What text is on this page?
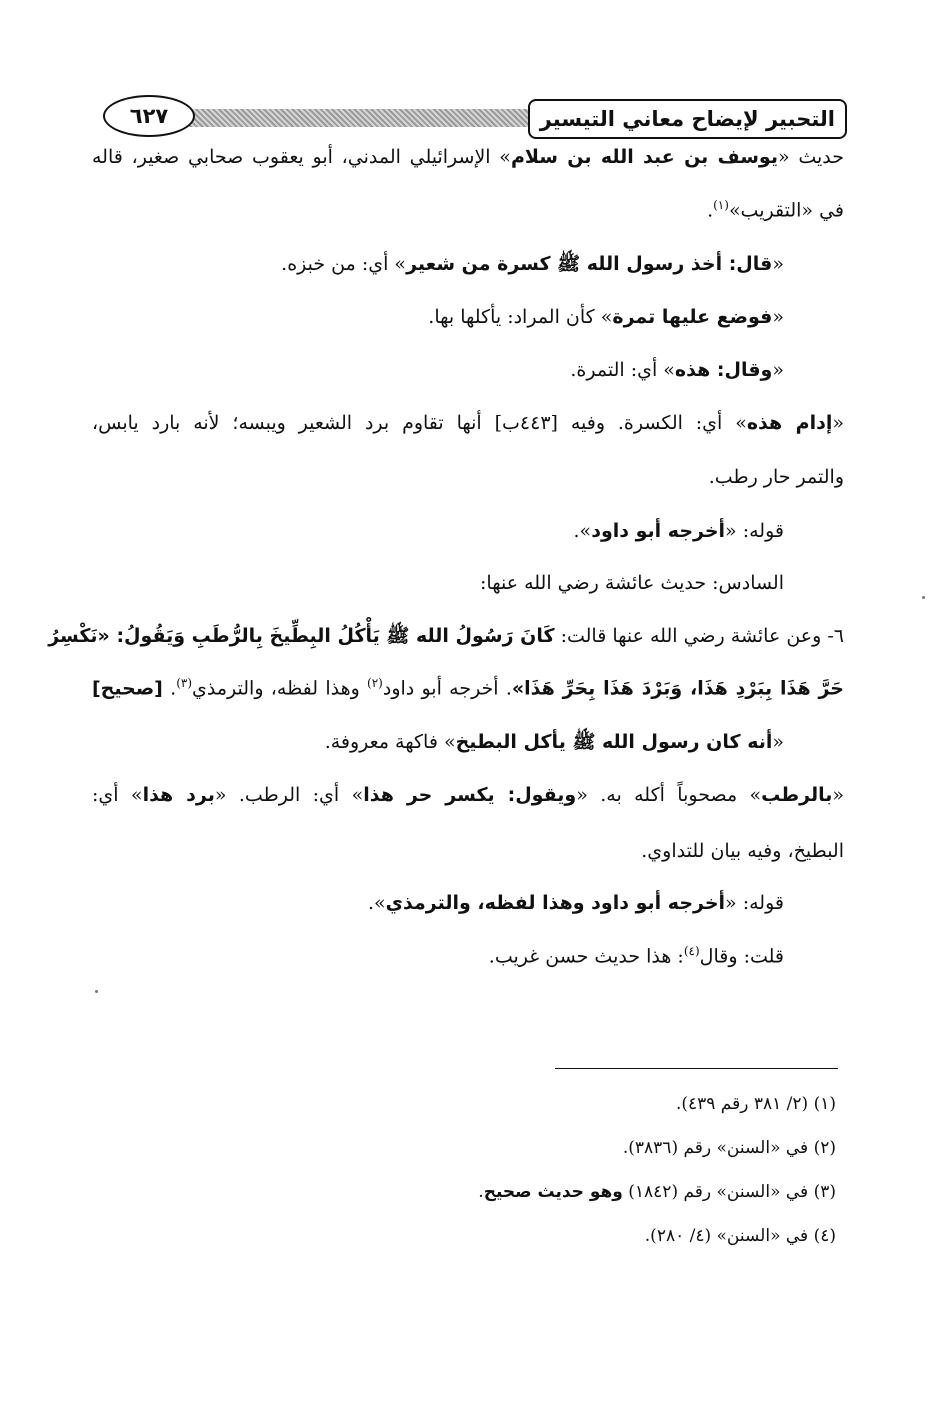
٦٢٧	التحبير لإيضاح معاني التيسير
حديث «يوسف بن عبد الله بن سلام» الإسرائيلي المدني، أبو يعقوب صحابي صغير، قاله
في «التقريب»$^{(١)}$.
«قال: أخذ رسول الله ﷺ كسرة من شعير» أي: من خبزه.
«فوضع عليها تمرة» كأن المراد: يأكلها بها.
«وقال: هذه» أي: التمرة.
«إدام هذه» أي: الكسرة. وفيه [٤٤٣ب] أنها تقاوم برد الشعير ويبسه؛ لأنه بارد يابس،
والتمر حار رطب.
قوله: «أخرجه أبو داود».
السادس: حديث عائشة رضي الله عنها:
٦- وعن عائشة رضي الله عنها قالت: كَانَ رَسُولُ الله ﷺ يَأْكُلُ البِطِّيخَ بِالرُّطَبِ وَيَقُولُ: «نَكْسِرُ
حَرَّ هَذَا بِبَرْدِ هَذَا، وَبَرْدَ هَذَا بِحَرِّ هَذَا». أخرجه أبو داود$^{(٢)}$ وهذا لفظه، والترمذي$^{(٣)}$. [صحيح]
«أنه كان رسول الله ﷺ يأكل البطيخ» فاكهة معروفة.
«بالرطب» مصحوباً أكله به. «ويقول: يكسر حر هذا» أي: الرطب. «برد هذا» أي:
البطيخ، وفيه بيان للتداوي.
قوله: «أخرجه أبو داود وهذا لفظه، والترمذي».
قلت: وقال$^{(٤)}$: هذا حديث حسن غريب.
(١) (٢/ ٣٨١ رقم ٤٣٩).
(٢) في «السنن» رقم (٣٨٣٦).
(٣) في «السنن» رقم (١٨٤٢) وهو حديث صحيح.
(٤) في «السنن» (٤/ ٢٨٠).
